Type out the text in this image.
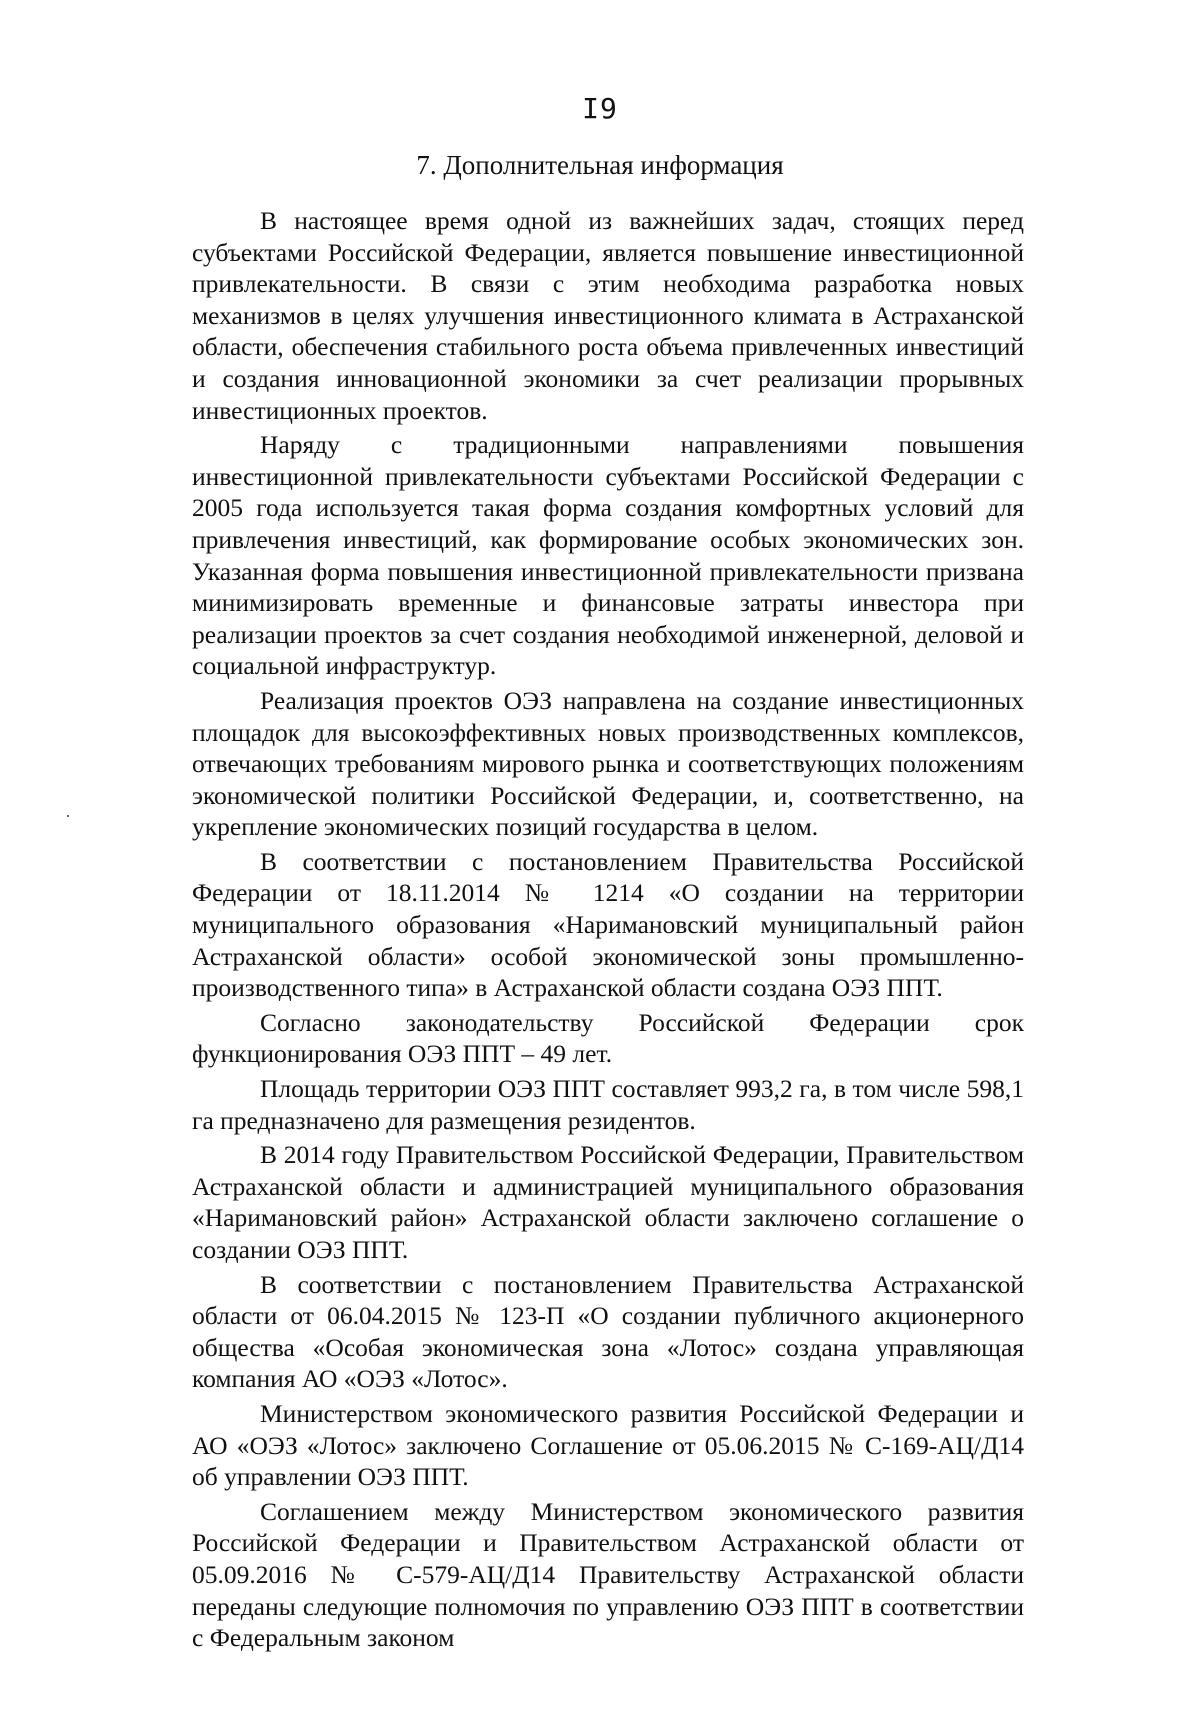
I9
7. Дополнительная информация

В настоящее время одной из важнейших задач, стоящих перед субъектами Российской Федерации, является повышение инвестиционной привлекательности. В связи с этим необходима разработка новых механизмов в целях улучшения инвестиционного климата в Астраханской области, обеспечения стабильного роста объема привлеченных инвестиций и создания инновационной экономики за счет реализации прорывных инвестиционных проектов.

Наряду с традиционными направлениями повышения инвестиционной привлекательности субъектами Российской Федерации с 2005 года используется такая форма создания комфортных условий для привлечения инвестиций, как формирование особых экономических зон. Указанная форма повышения инвестиционной привлекательности призвана минимизировать временные и финансовые затраты инвестора при реализации проектов за счет создания необходимой инженерной, деловой и социальной инфраструктур.

Реализация проектов ОЭЗ направлена на создание инвестиционных площадок для высокоэффективных новых производственных комплексов, отвечающих требованиям мирового рынка и соответствующих положениям экономической политики Российской Федерации, и, соответственно, на укрепление экономических позиций государства в целом.

В соответствии с постановлением Правительства Российской Федерации от 18.11.2014 № 1214 «О создании на территории муниципального образования «Наримановский муниципальный район Астраханской области» особой экономической зоны промышленно-производственного типа» в Астраханской области создана ОЭЗ ППТ.

Согласно законодательству Российской Федерации срок функционирования ОЭЗ ППТ – 49 лет.

Площадь территории ОЭЗ ППТ составляет 993,2 га, в том числе 598,1 га предназначено для размещения резидентов.

В 2014 году Правительством Российской Федерации, Правительством Астраханской области и администрацией муниципального образования «Наримановский район» Астраханской области заключено соглашение о создании ОЭЗ ППТ.

В соответствии с постановлением Правительства Астраханской области от 06.04.2015 № 123-П «О создании публичного акционерного общества «Особая экономическая зона «Лотос» создана управляющая компания АО «ОЭЗ «Лотос».

Министерством экономического развития Российской Федерации и АО «ОЭЗ «Лотос» заключено Соглашение от 05.06.2015 № С-169-АЦ/Д14 об управлении ОЭЗ ППТ.

Соглашением между Министерством экономического развития Российской Федерации и Правительством Астраханской области от 05.09.2016 № С-579-АЦ/Д14 Правительству Астраханской области переданы следующие полномочия по управлению ОЭЗ ППТ в соответствии с Федеральным законом
